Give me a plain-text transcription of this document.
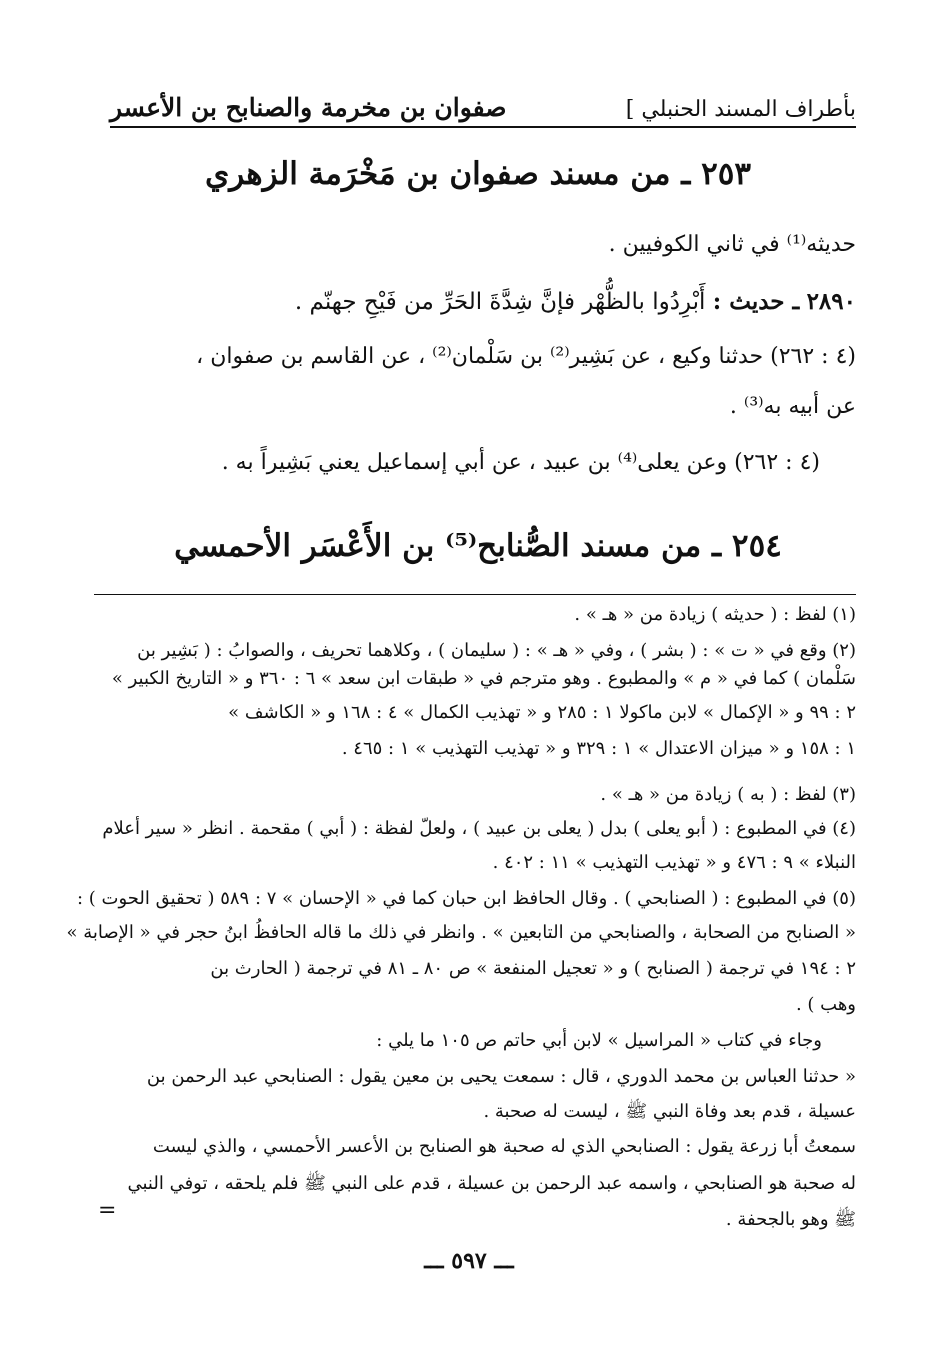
بأطراف المسند الحنبلي ]
صفوان بن مخرمة والصنابح بن الأعسر
٢٥٣ ـ من مسند صفوان بن مَخْرَمة الزهري
حديثه⁽¹⁾ في ثاني الكوفيين .
٢٨٩٠ ـ حديث : أَبْرِدُوا بالظُّهْر فإنَّ شِدَّةَ الحَرِّ من فَيْحِ جهنّم .
(٤ : ٢٦٢) حدثنا وكيع ، عن بَشِير⁽²⁾ بن سَلْمان⁽²⁾ ، عن القاسم بن صفوان ،
عن أبيه به⁽³⁾ .
(٤ : ٢٦٢) وعن يعلى⁽⁴⁾ بن عبيد ، عن أبي إسماعيل يعني بَشِيراً به .
٢٥٤ ـ من مسند الصُّنابح⁽⁵⁾ بن الأَعْسَر الأحمسي
(١) لفظ : ( حديثه ) زيادة من « هـ » .
(٢) وقع في « ت » : ( بشر ) ، وفي « هـ » : ( سليمان ) ، وكلاهما تحريف ، والصوابُ : ( بَشِير بن
سَلْمان ) كما في « م » والمطبوع . وهو مترجم في « طبقات ابن سعد » ٦ : ٣٦٠ و « التاريخ الكبير »
٢ : ٩٩ و « الإكمال » لابن ماكولا ١ : ٢٨٥ و « تهذيب الكمال » ٤ : ١٦٨ و « الكاشف »
١ : ١٥٨ و « ميزان الاعتدال » ١ : ٣٢٩ و « تهذيب التهذيب » ١ : ٤٦٥ .
(٣) لفظ : ( به ) زيادة من « هـ » .
(٤) في المطبوع : ( أبو يعلى ) بدل ( يعلى بن عبيد ) ، ولعلّ لفظة : ( أبي ) مقحمة . انظر « سير أعلام
النبلاء » ٩ : ٤٧٦ و « تهذيب التهذيب » ١١ : ٤٠٢ .
(٥) في المطبوع : ( الصنابحي ) . وقال الحافظ ابن حبان كما في « الإحسان » ٧ : ٥٨٩ ( تحقيق الحوت ) :
« الصنابح من الصحابة ، والصنابحي من التابعين » . وانظر في ذلك ما قاله الحافظُ ابنُ حجر في « الإصابة »
٢ : ١٩٤ في ترجمة ( الصنابح ) و « تعجيل المنفعة » ص ٨٠ ـ ٨١ في ترجمة ( الحارث بن
وهب ) .
وجاء في كتاب « المراسيل » لابن أبي حاتم ص ١٠٥ ما يلي :
« حدثنا العباس بن محمد الدوري ، قال : سمعت يحيى بن معين يقول : الصنابحي عبد الرحمن بن
عسيلة ، قدم بعد وفاة النبي ﷺ ، ليست له صحبة .
سمعتُ أبا زرعة يقول : الصنابحي الذي له صحبة هو الصنابح بن الأعسر الأحمسي ، والذي ليست
له صحبة هو الصنابحي ، واسمه عبد الرحمن بن عسيلة ، قدم على النبي ﷺ فلم يلحقه ، توفي النبي
ﷺ وهو بالجحفة .
=
ـــ ٥٩٧ ـــ
